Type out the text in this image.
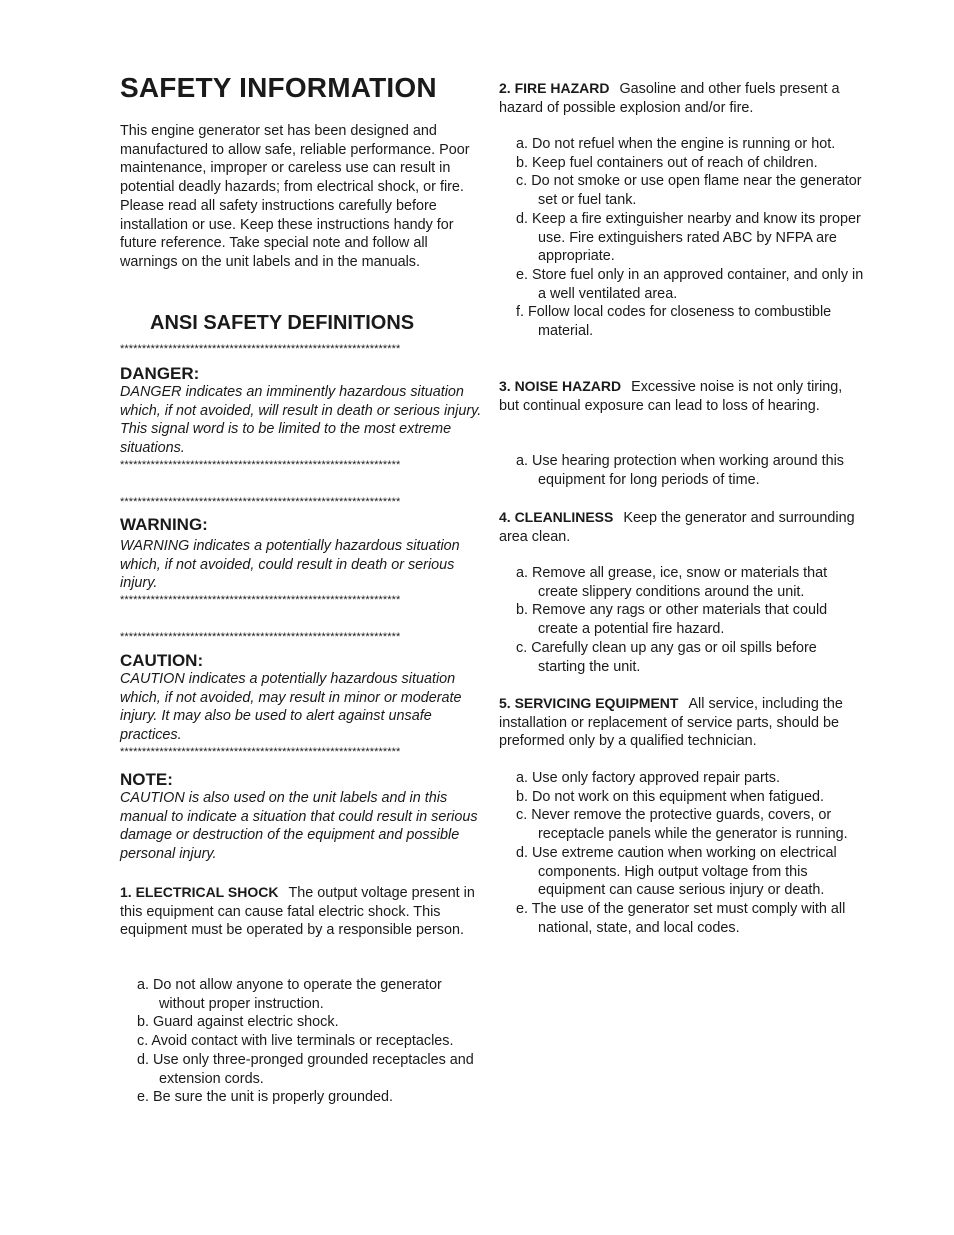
SAFETY INFORMATION

This engine generator set has been designed and manufactured to allow safe, reliable performance. Poor maintenance, improper or careless use can result in potential deadly hazards; from electrical shock, or fire. Please read all safety instructions carefully before installation or use. Keep these instructions handy for future reference. Take special note and follow all warnings on the unit labels and in the manuals.

ANSI SAFETY DEFINITIONS
****************************************************************
DANGER:

DANGER indicates an imminently hazardous situation which, if not avoided, will result in death or serious injury. This signal word is to be limited to the most extreme situations.

****************************************************************
****************************************************************
WARNING:

WARNING indicates a potentially hazardous situation which, if not avoided, could result in death or serious injury.

****************************************************************
****************************************************************
CAUTION:

CAUTION indicates a potentially hazardous situation which, if not avoided, may result in minor or moderate injury. It may also be used to alert against unsafe practices.

****************************************************************
NOTE:

CAUTION is also used on the unit labels and in this manual to indicate a situation that could result in serious damage or destruction of the equipment and possible personal injury.

1. ELECTRICAL SHOCK The output voltage present in this equipment can cause fatal electric shock. This equipment must be operated by a responsible person.

a. Do not allow anyone to operate the generator without proper instruction.
b. Guard against electric shock.
c. Avoid contact with live terminals or receptacles.
d. Use only three-pronged grounded receptacles and extension cords.
e. Be sure the unit is properly grounded.

2. FIRE HAZARD Gasoline and other fuels present a hazard of possible explosion and/or fire.

a. Do not refuel when the engine is running or hot.
b. Keep fuel containers out of reach of children.
c. Do not smoke or use open flame near the generator set or fuel tank.
d. Keep a fire extinguisher nearby and know its proper use. Fire extinguishers rated ABC by NFPA are appropriate.
e. Store fuel only in an approved container, and only in a well ventilated area.
f. Follow local codes for closeness to combustible material.

3. NOISE HAZARD Excessive noise is not only tiring, but continual exposure can lead to loss of hearing.

a. Use hearing protection when working around this equipment for long periods of time.

4. CLEANLINESS Keep the generator and surrounding area clean.

a. Remove all grease, ice, snow or materials that create slippery conditions around the unit.
b. Remove any rags or other materials that could create a potential fire hazard.
c. Carefully clean up any gas or oil spills before starting the unit.

5. SERVICING EQUIPMENT All service, including the installation or replacement of service parts, should be preformed only by a qualified technician.

a. Use only factory approved repair parts.
b. Do not work on this equipment when fatigued.
c. Never remove the protective guards, covers, or receptacle panels while the generator is running.
d. Use extreme caution when working on electrical components. High output voltage from this equipment can cause serious injury or death.
e. The use of the generator set must comply with all national, state, and local codes.
